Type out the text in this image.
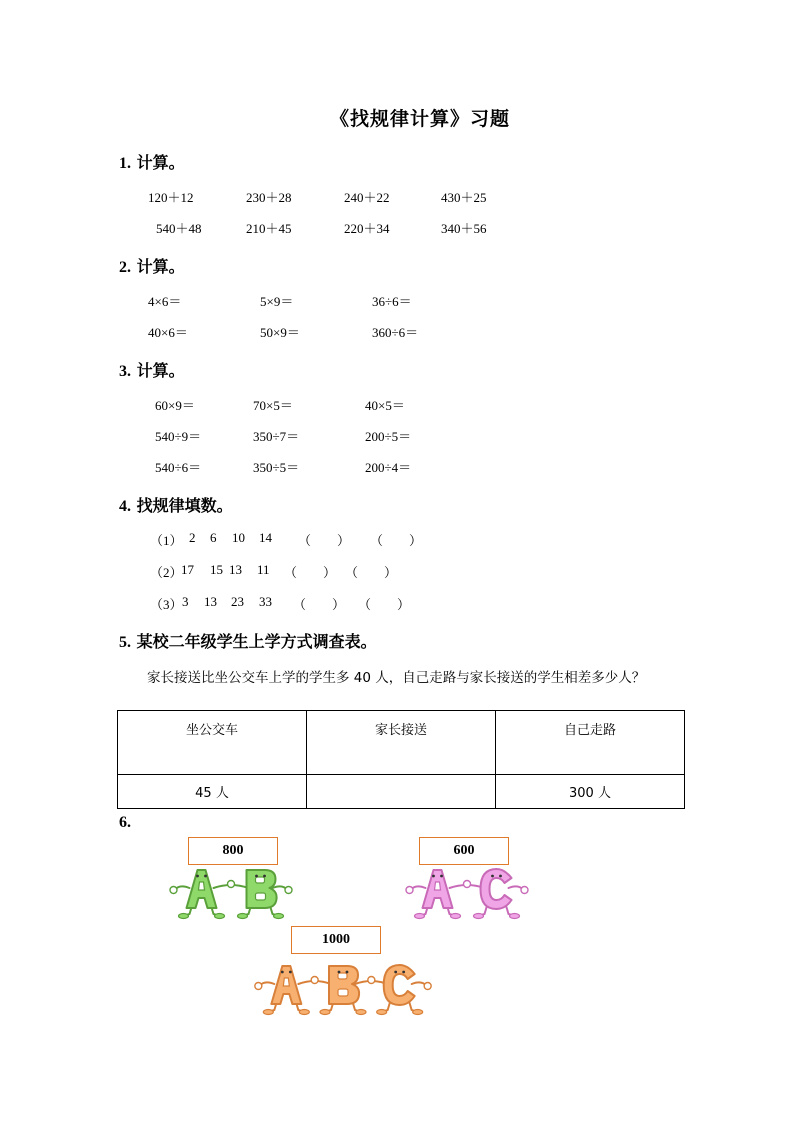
《找规律计算》习题
1. 计算。
120＋12	230＋28	240＋22	430＋25
540＋48	210＋45	220＋34	340＋56
2. 计算。
4×6＝	5×9＝	36÷6＝
40×6＝	50×9＝	360÷6＝
3. 计算。
60×9＝	70×5＝	40×5＝
540÷9＝	350÷7＝	200÷5＝
540÷6＝	350÷5＝	200÷4＝
4. 找规律填数。
（1） 2 6 10 14 （　　） （　　）
（2）
17 15 13 11 （　　） （　　）
（3） 3 13 23 33 （　　） （　　）
5. 某校二年级学生上学方式调查表。
家长接送比坐公交车上学的学生多 40 人，自己走路与家长接送的学生相差多少人？
坐公交车	家长接送	自己走路
45 人		300 人
6.
800	600
1000
